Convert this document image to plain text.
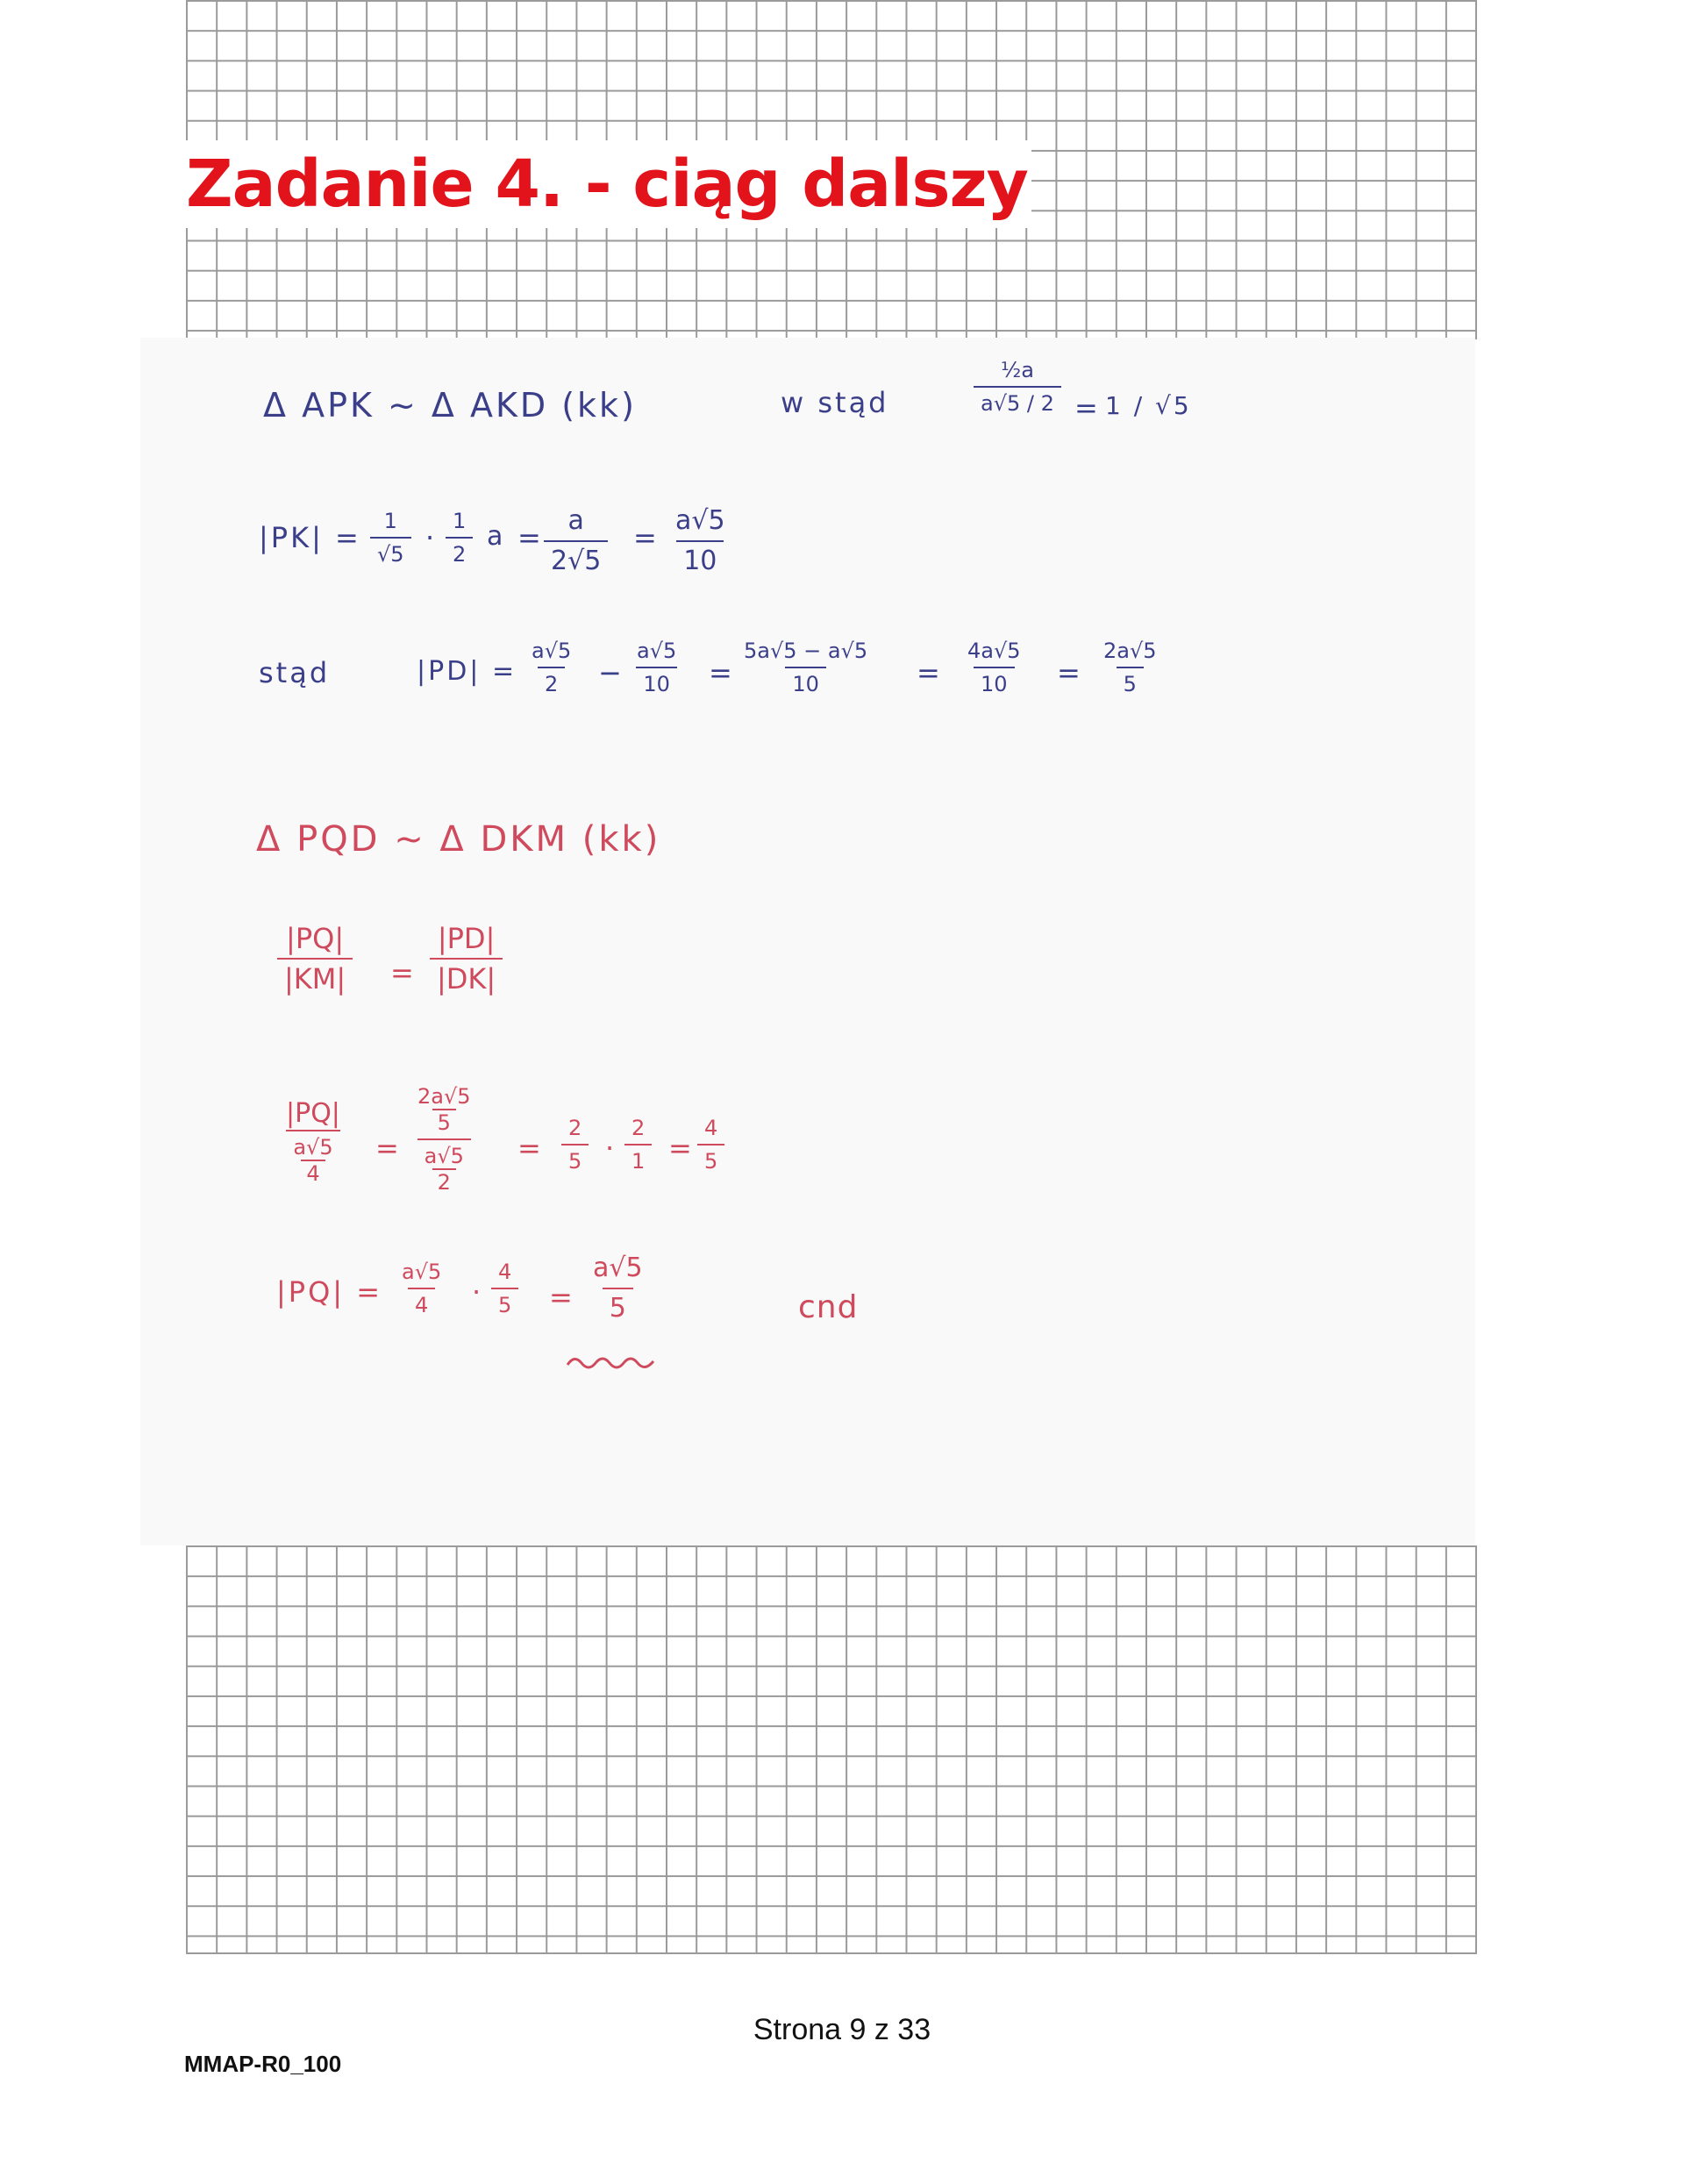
Zadanie 4. - ciąg dalszy
Δ APK ~ Δ AKD (kk)	w stąd	$\frac{\text{½a}}{a√5 / 2} = 1 / √5$
$|PK| = \frac{1}{√5} \cdot \frac{1}{2}$ $a = \frac{a}{2√5} = \frac{a√5}{10}$
stąd	$|PD| = \frac{a√5}{2} - \frac{a√5}{10} = \frac{5a√5 - a√5}{10} = \frac{4a√5}{10} = \frac{2a√5}{5}$
Δ PQD ~ Δ DKM (kk)
$\frac{|PQ|}{|KM|} = \frac{|PD|}{|DK|}$
|PQ|
a√5
4
= 2a√5
5
a√5
$2 = \frac{2}{5} \cdot \frac{2}{1} = \frac{4}{5}$
$|PQ| = \frac{a√5}{4} \cdot \frac{4}{5} = \frac{a√5}{5}$	cnd
Strona 9 z 33
MMAP-R0_100
